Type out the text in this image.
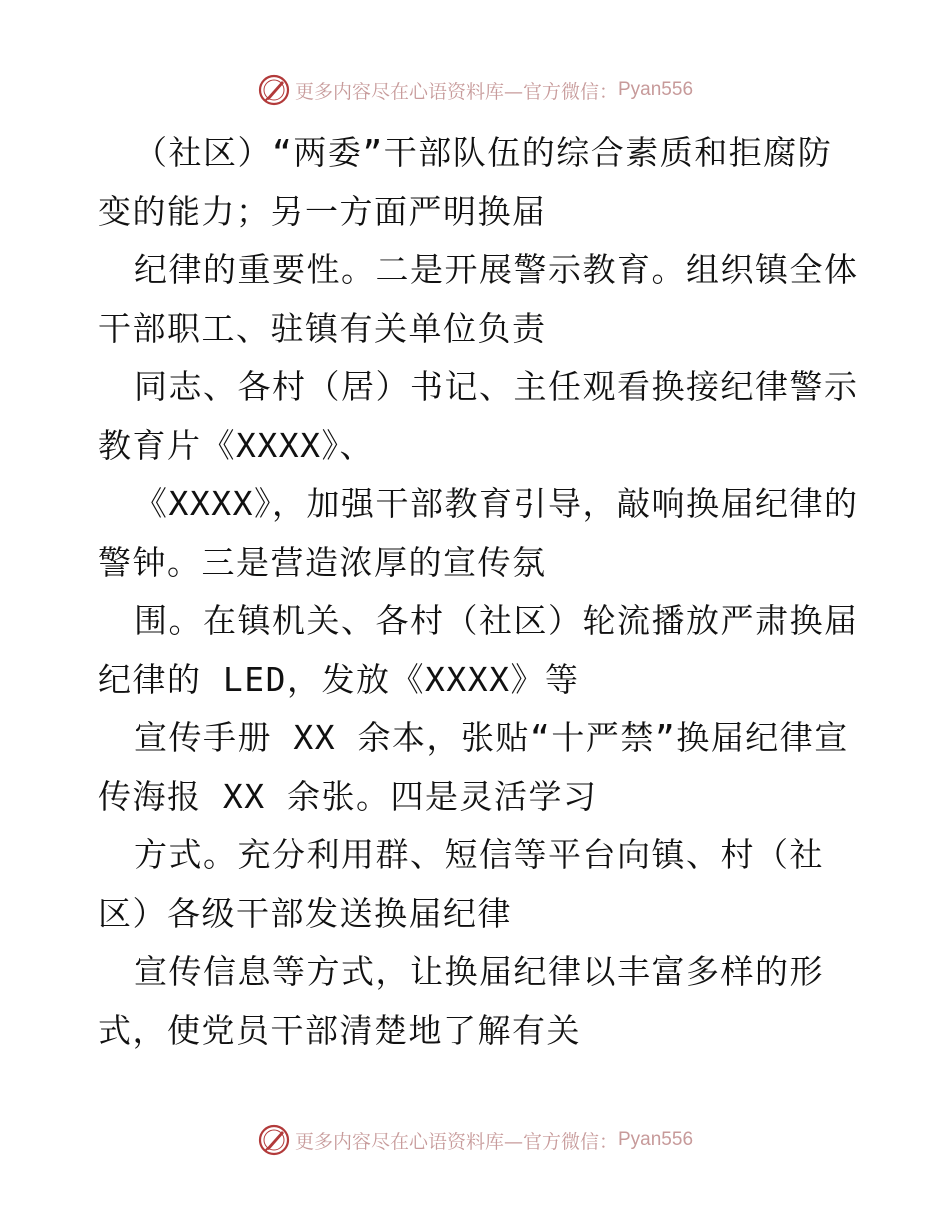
更多内容尽在心语资料库—官方微信： Pyan556
（社区）“两委”干部队伍的综合素质和拒腐防
变的能力；另一方面严明换届
纪律的重要性。二是开展警示教育。组织镇全体
干部职工、驻镇有关单位负责
同志、各村（居）书记、主任观看换接纪律警示
教育片《XXXX》、
《XXXX》，加强干部教育引导，敲响换届纪律的
警钟。三是营造浓厚的宣传氛
围。在镇机关、各村（社区）轮流播放严肃换届
纪律的 LED，发放《XXXX》等
宣传手册 XX 余本，张贴“十严禁”换届纪律宣
传海报 XX 余张。四是灵活学习
方式。充分利用群、短信等平台向镇、村（社
区）各级干部发送换届纪律
宣传信息等方式，让换届纪律以丰富多样的形
式，使党员干部清楚地了解有关
更多内容尽在心语资料库—官方微信： Pyan556
